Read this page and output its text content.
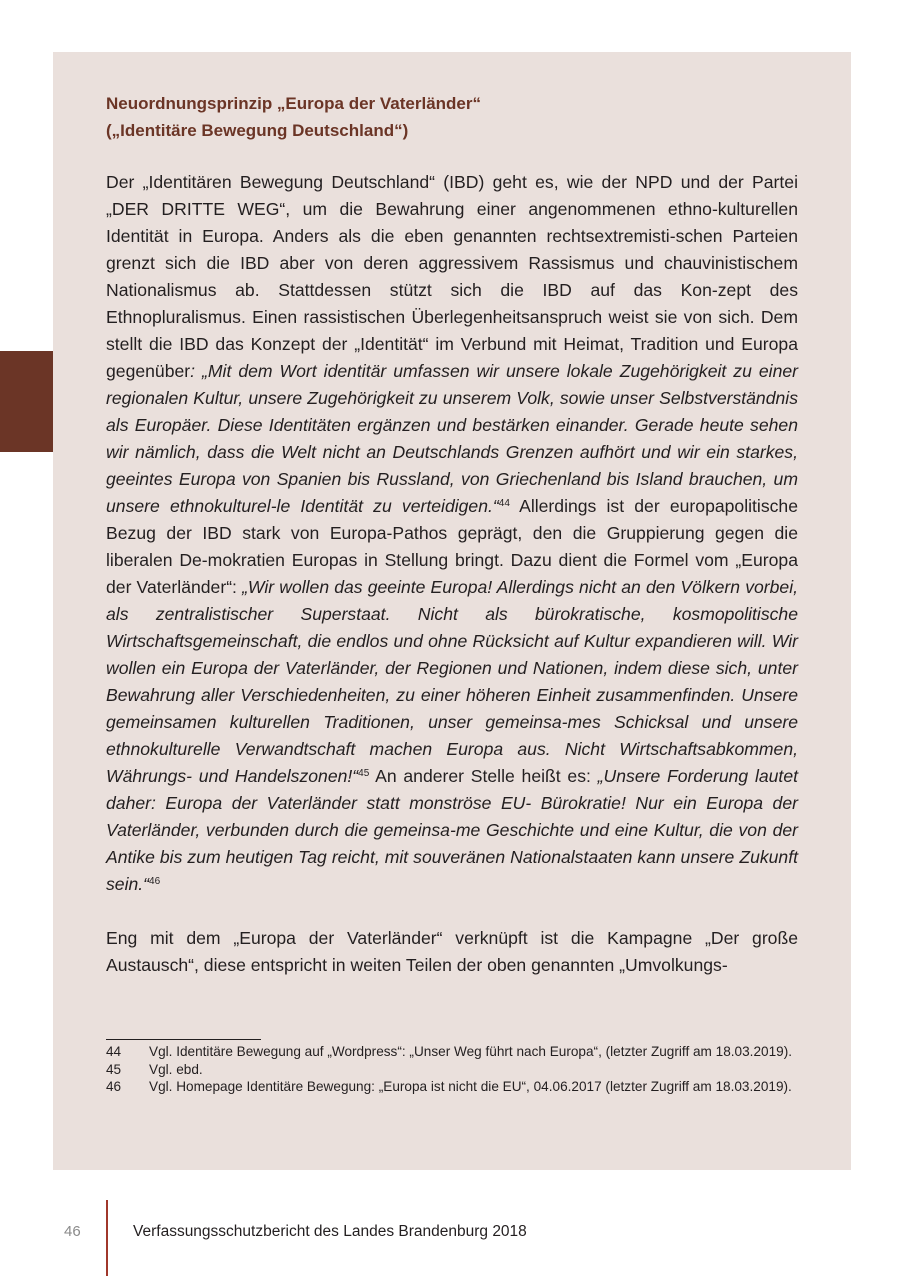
Neuordnungsprinzip „Europa der Vaterländer“
(„Identitäre Bewegung Deutschland“)

Der „Identitären Bewegung Deutschland“ (IBD) geht es, wie der NPD und der Partei „DER DRITTE WEG“, um die Bewahrung einer angenommenen ethno-kulturellen Identität in Europa. Anders als die eben genannten rechtsextremisti-schen Parteien grenzt sich die IBD aber von deren aggressivem Rassismus und chauvinistischem Nationalismus ab. Stattdessen stützt sich die IBD auf das Kon-zept des Ethnopluralismus. Einen rassistischen Überlegenheitsanspruch weist sie von sich. Dem stellt die IBD das Konzept der „Identität“ im Verbund mit Heimat, Tradition und Europa gegenüber: „Mit dem Wort identitär umfassen wir unsere lokale Zugehörigkeit zu einer regionalen Kultur, unsere Zugehörigkeit zu unserem Volk, sowie unser Selbstverständnis als Europäer. Diese Identitäten ergänzen und bestärken einander. Gerade heute sehen wir nämlich, dass die Welt nicht an Deutschlands Grenzen aufhört und wir ein starkes, geeintes Europa von Spanien bis Russland, von Griechenland bis Island brauchen, um unsere ethnokulturel-le Identität zu verteidigen.“$^{44}$ Allerdings ist der europapolitische Bezug der IBD stark von Europa-Pathos geprägt, den die Gruppierung gegen die liberalen De-mokratien Europas in Stellung bringt. Dazu dient die Formel vom „Europa der Vaterländer“: „Wir wollen das geeinte Europa! Allerdings nicht an den Völkern vorbei, als zentralistischer Superstaat. Nicht als bürokratische, kosmopolitische Wirtschaftsgemeinschaft, die endlos und ohne Rücksicht auf Kultur expandieren will. Wir wollen ein Europa der Vaterländer, der Regionen und Nationen, indem diese sich, unter Bewahrung aller Verschiedenheiten, zu einer höheren Einheit zusammenfinden. Unsere gemeinsamen kulturellen Traditionen, unser gemeinsa-mes Schicksal und unsere ethnokulturelle Verwandtschaft machen Europa aus. Nicht Wirtschaftsabkommen, Währungs- und Handelszonen!“$^{45}$ An anderer Stelle heißt es: „Unsere Forderung lautet daher: Europa der Vaterländer statt monströse EU- Bürokratie! Nur ein Europa der Vaterländer, verbunden durch die gemeinsa-me Geschichte und eine Kultur, die von der Antike bis zum heutigen Tag reicht, mit souveränen Nationalstaaten kann unsere Zukunft sein.“$^{46}$

Eng mit dem „Europa der Vaterländer“ verknüpft ist die Kampagne „Der große Austausch“, diese entspricht in weiten Teilen der oben genannten „Umvolkungs-

44	Vgl. Identitäre Bewegung auf „Wordpress“: „Unser Weg führt nach Europa“, (letzter Zugriff am 18.03.2019).
45	Vgl. ebd.
46	Vgl. Homepage Identitäre Bewegung: „Europa ist nicht die EU“, 04.06.2017 (letzter Zugriff am 18.03.2019).
46	Verfassungsschutzbericht des Landes Brandenburg 2018
